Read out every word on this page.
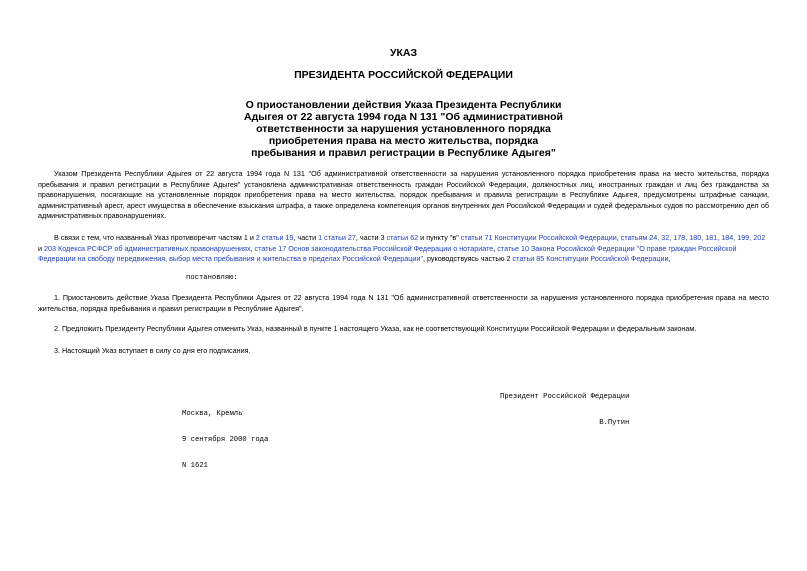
УКАЗ
ПРЕЗИДЕНТА РОССИЙСКОЙ ФЕДЕРАЦИИ
О приостановлении действия Указа Президента Республики
Адыгея от 22 августа 1994 года N 131 "Об административной
ответственности за нарушения установленного порядка
приобретения права на место жительства, порядка
пребывания и правил регистрации в Республике Адыгея"
Указом Президента Республики Адыгея от 22 августа 1994 года N 131 "Об административной ответственности за нарушения установленного порядка приобретения права на место жительства, порядка
пребывания и правил регистрации в Республике Адыгея" установлена административная ответственность граждан Российской Федерации, должностных лиц, иностранных граждан и лиц без гражданства за
правонарушения, посягающие на установленные порядок приобретения права на место жительства, порядок пребывания и правила регистрации в Республике Адыгея, предусмотрены штрафные санкции,
административный арест, арест имущества в обеспечение взыскания штрафа, а также определена компетенция органов внутренних дел Российской Федерации и судей федеральных судов по рассмотрению дел об
административных правонарушениях.
В связи с тем, что названный Указ противоречит частям 1 и 2 статьи 19, части 1 статьи 27, части 3 статьи 62 и пункту "в" статьи 71 Конституции Российской Федерации, статьям 24, 32, 178, 180, 181, 184, 199, 202
и 203 Кодекса РСФСР об административных правонарушениях, статье 17 Основ законодательства Российской Федерации о нотариате, статье 10 Закона Российской Федерации "О праве граждан Российской
Федерации на свободу передвижения, выбор места пребывания и жительства в пределах Российской Федерации", руководствуясь частью 2 статьи 85 Конституции Российской Федерации,
постановляю:
1. Приостановить действие Указа Президента Республики Адыгея от 22 августа 1994 года N 131 "Об административной ответственности за нарушения установленного порядка приобретения права на место
жительства, порядка пребывания и правил регистрации в Республике Адыгея".
2. Предложить Президенту Республики Адыгея отменить Указ, названный в пункте 1 настоящего Указа, как не соответствующий Конституции Российской Федерации и федеральным законам.
3. Настоящий Указ вступает в силу со дня его подписания.

Президент Российской Федерации

В.Путин

Москва, Кремль

9 сентября 2000 года

N 1621
